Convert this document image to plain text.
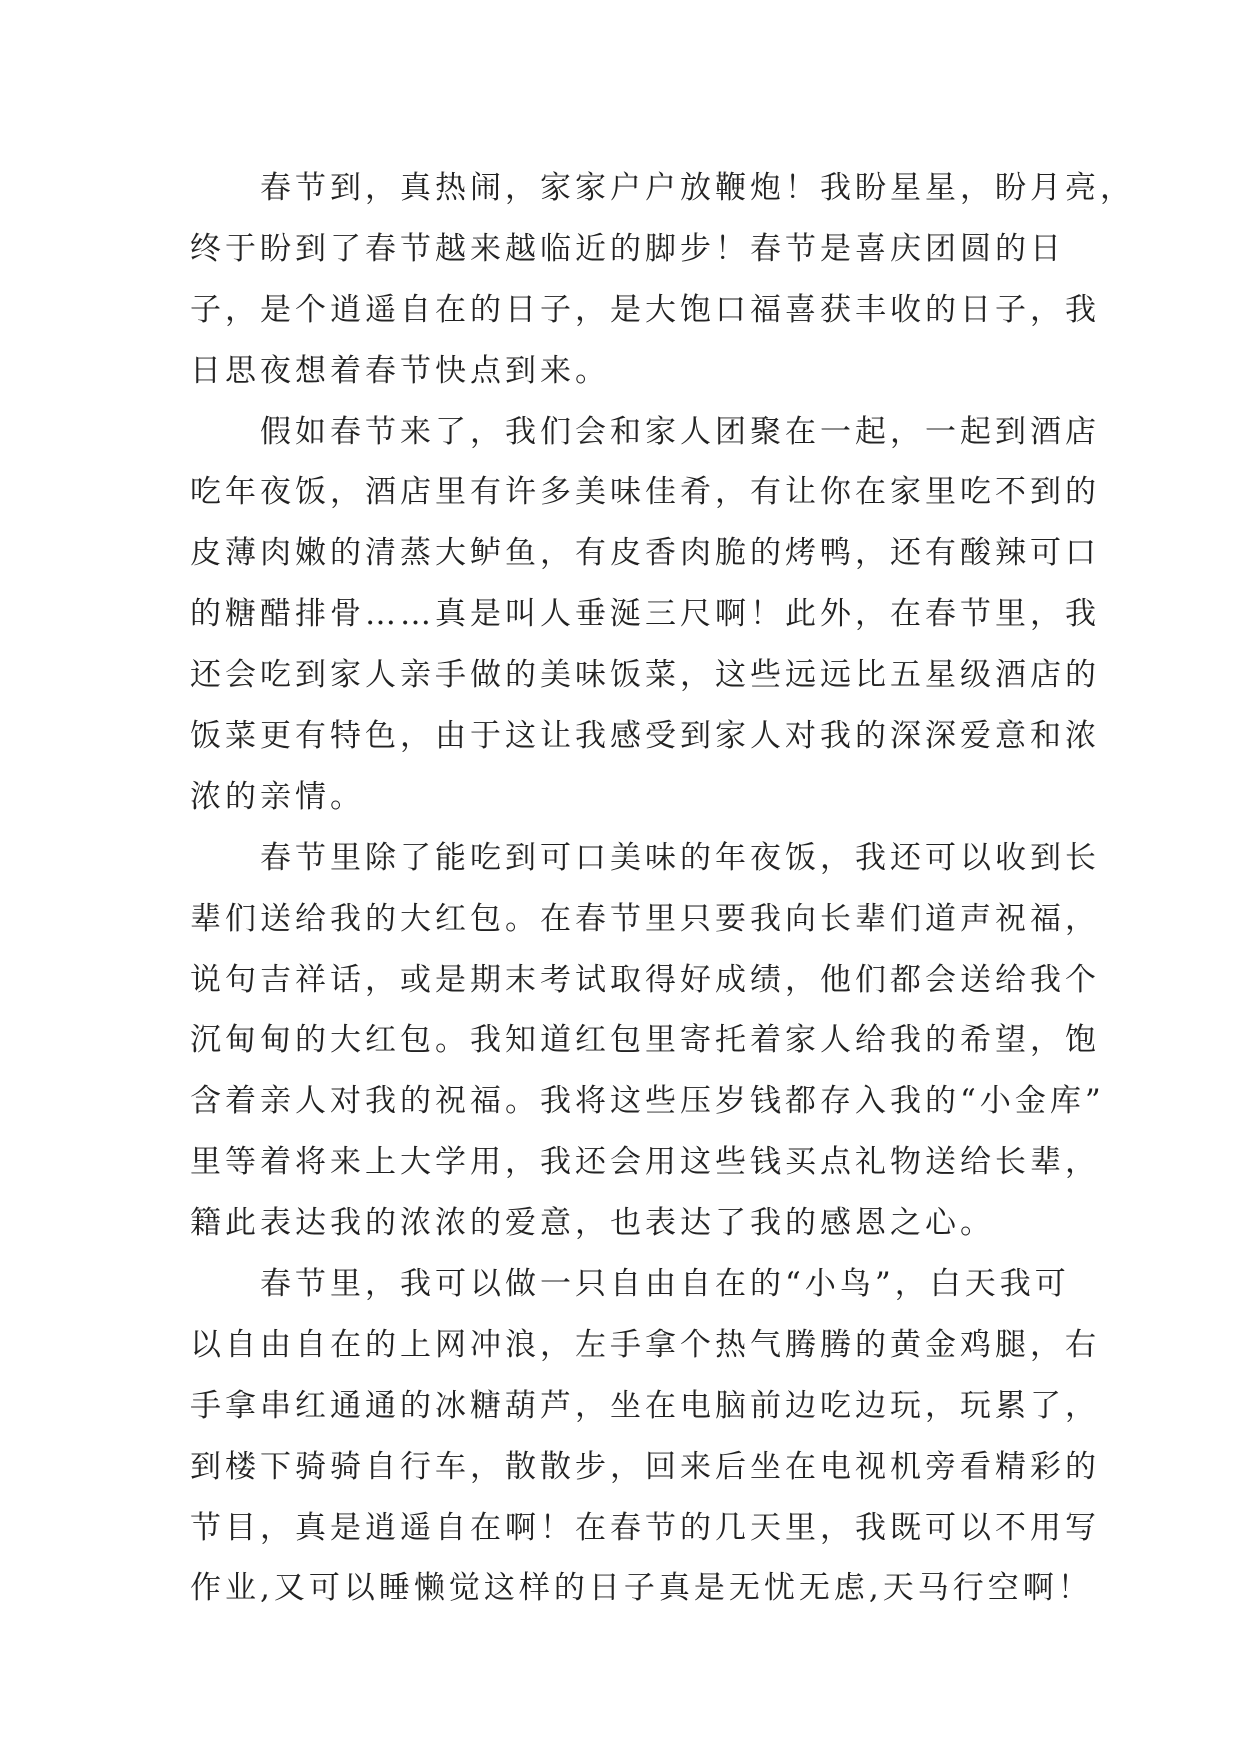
　　春节到，真热闹，家家户户放鞭炮！我盼星星，盼月亮，
终于盼到了春节越来越临近的脚步！春节是喜庆团圆的日
子，是个逍遥自在的日子，是大饱口福喜获丰收的日子，我
日思夜想着春节快点到来。
　　假如春节来了，我们会和家人团聚在一起，一起到酒店
吃年夜饭，酒店里有许多美味佳肴，有让你在家里吃不到的
皮薄肉嫩的清蒸大鲈鱼，有皮香肉脆的烤鸭，还有酸辣可口
的糖醋排骨……真是叫人垂涎三尺啊！此外，在春节里，我
还会吃到家人亲手做的美味饭菜，这些远远比五星级酒店的
饭菜更有特色，由于这让我感受到家人对我的深深爱意和浓
浓的亲情。
　　春节里除了能吃到可口美味的年夜饭，我还可以收到长
辈们送给我的大红包。在春节里只要我向长辈们道声祝福，
说句吉祥话，或是期末考试取得好成绩，他们都会送给我个
沉甸甸的大红包。我知道红包里寄托着家人给我的希望，饱
含着亲人对我的祝福。我将这些压岁钱都存入我的“小金库”
里等着将来上大学用，我还会用这些钱买点礼物送给长辈，
籍此表达我的浓浓的爱意，也表达了我的感恩之心。
　　春节里，我可以做一只自由自在的“小鸟”，白天我可
以自由自在的上网冲浪，左手拿个热气腾腾的黄金鸡腿，右
手拿串红通通的冰糖葫芦，坐在电脑前边吃边玩，玩累了，
到楼下骑骑自行车，散散步，回来后坐在电视机旁看精彩的
节目，真是逍遥自在啊！在春节的几天里，我既可以不用写
作业,又可以睡懒觉这样的日子真是无忧无虑,天马行空啊！
